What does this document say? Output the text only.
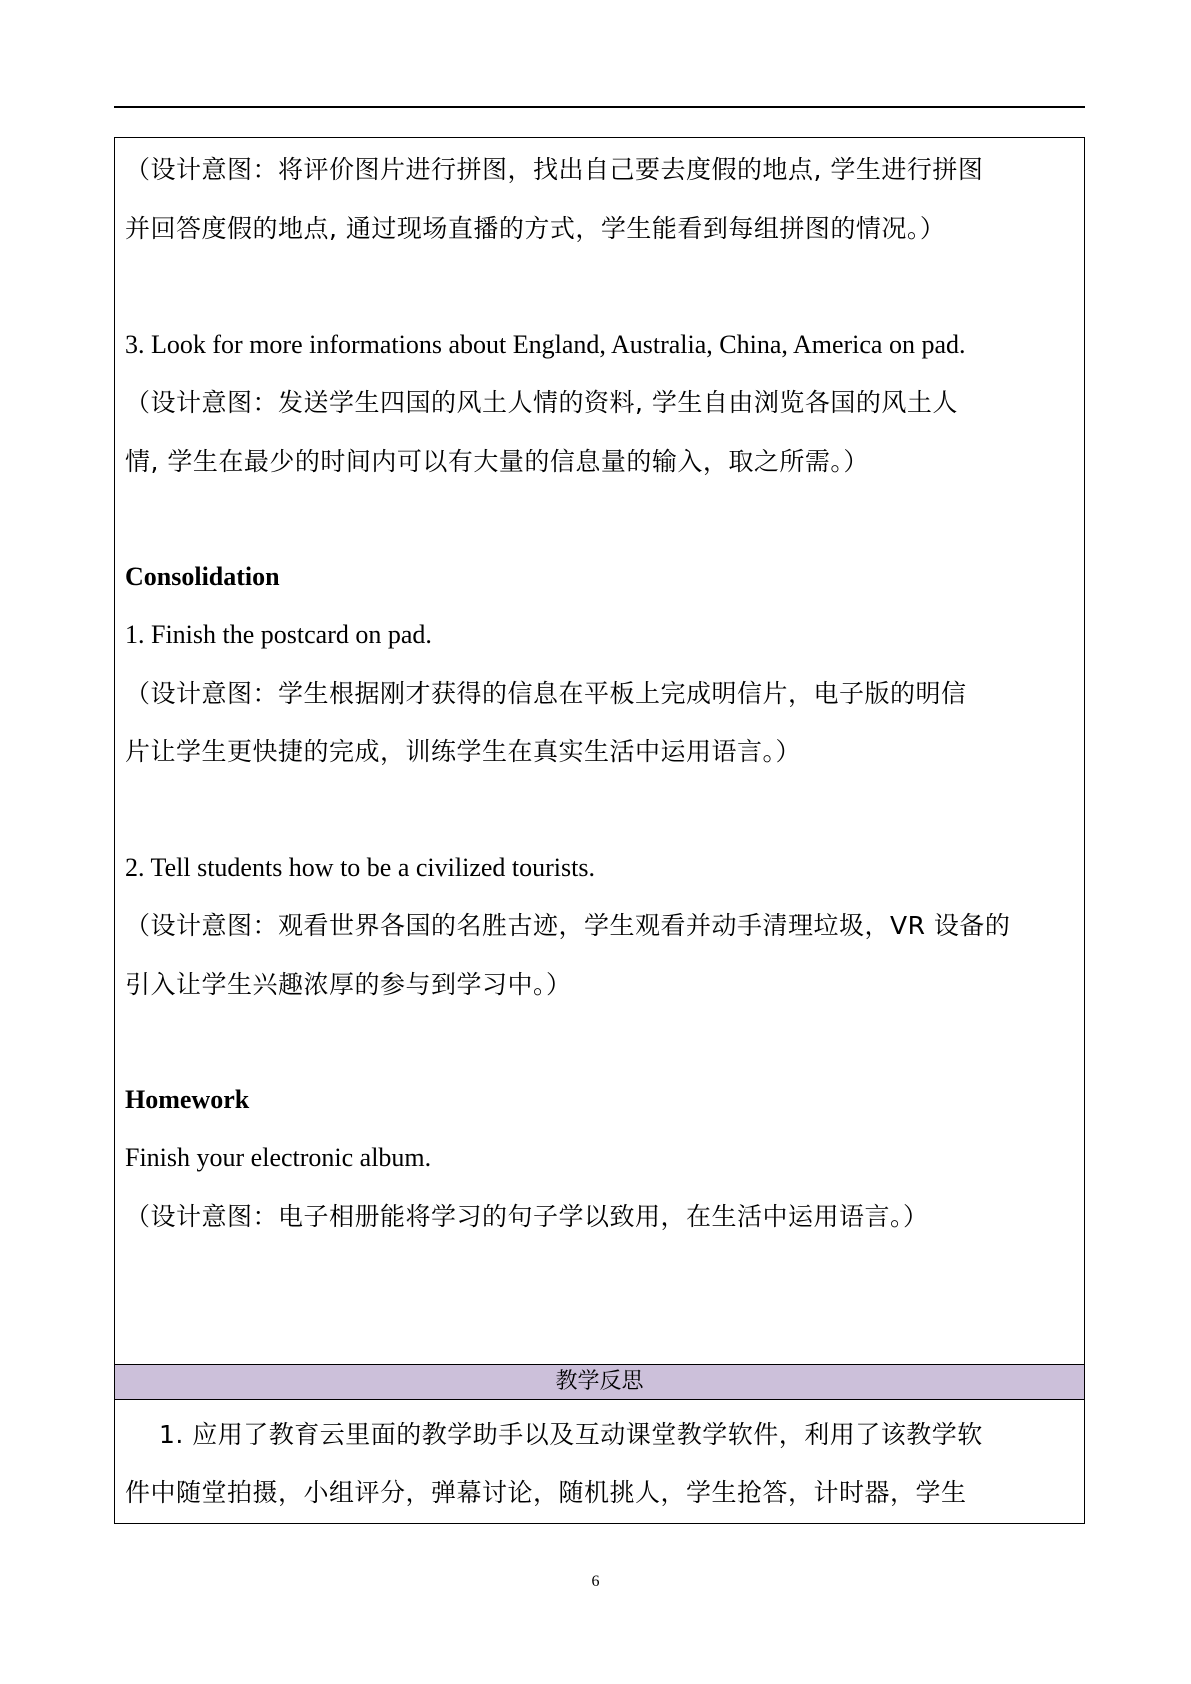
（设计意图：将评价图片进行拼图，找出自己要去度假的地点, 学生进行拼图
并回答度假的地点, 通过现场直播的方式，学生能看到每组拼图的情况。）
3. Look for more informations about England, Australia, China, America on pad.
（设计意图：发送学生四国的风土人情的资料, 学生自由浏览各国的风土人
情, 学生在最少的时间内可以有大量的信息量的输入，取之所需。）
Consolidation
1. Finish the postcard on pad.
（设计意图：学生根据刚才获得的信息在平板上完成明信片，电子版的明信
片让学生更快捷的完成，训练学生在真实生活中运用语言。）
2. Tell students how to be a civilized tourists.
（设计意图：观看世界各国的名胜古迹，学生观看并动手清理垃圾，VR 设备的
引入让学生兴趣浓厚的参与到学习中。）
Homework
Finish your electronic album.
（设计意图：电子相册能将学习的句子学以致用，在生活中运用语言。）
教学反思
1. 应用了教育云里面的教学助手以及互动课堂教学软件，利用了该教学软
件中随堂拍摄，小组评分，弹幕讨论，随机挑人，学生抢答，计时器，学生
6
